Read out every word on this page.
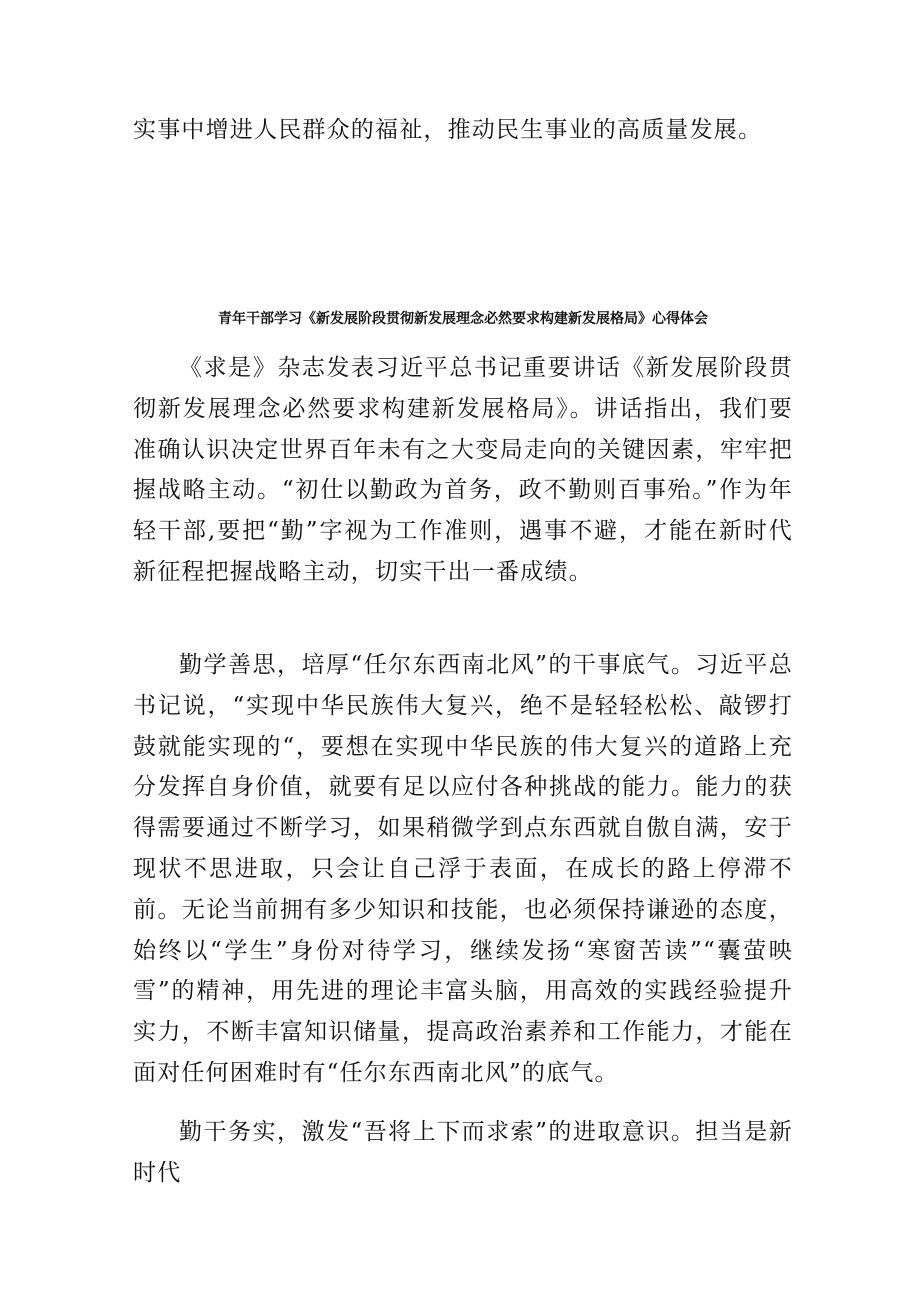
实事中增进人民群众的福祉，推动民生事业的高质量发展。

青年干部学习《新发展阶段贯彻新发展理念必然要求构建新发展格局》心得体会

《求是》杂志发表习近平总书记重要讲话《新发展阶段贯彻新发展理念必然要求构建新发展格局》。讲话指出，我们要准确认识决定世界百年未有之大变局走向的关键因素，牢牢把握战略主动。“初仕以勤政为首务，政不勤则百事殆。”作为年轻干部,要把“勤”字视为工作准则，遇事不避，才能在新时代新征程把握战略主动，切实干出一番成绩。

勤学善思，培厚“任尔东西南北风”的干事底气。习近平总书记说，“实现中华民族伟大复兴，绝不是轻轻松松、敲锣打鼓就能实现的“，要想在实现中华民族的伟大复兴的道路上充分发挥自身价值，就要有足以应付各种挑战的能力。能力的获得需要通过不断学习，如果稍微学到点东西就自傲自满，安于现状不思进取，只会让自己浮于表面，在成长的路上停滞不前。无论当前拥有多少知识和技能，也必须保持谦逊的态度，始终以“学生”身份对待学习，继续发扬“寒窗苦读”“囊萤映雪”的精神，用先进的理论丰富头脑，用高效的实践经验提升实力，不断丰富知识储量，提高政治素养和工作能力，才能在面对任何困难时有“任尔东西南北风”的底气。

勤干务实，激发“吾将上下而求索”的进取意识。担当是新时代
